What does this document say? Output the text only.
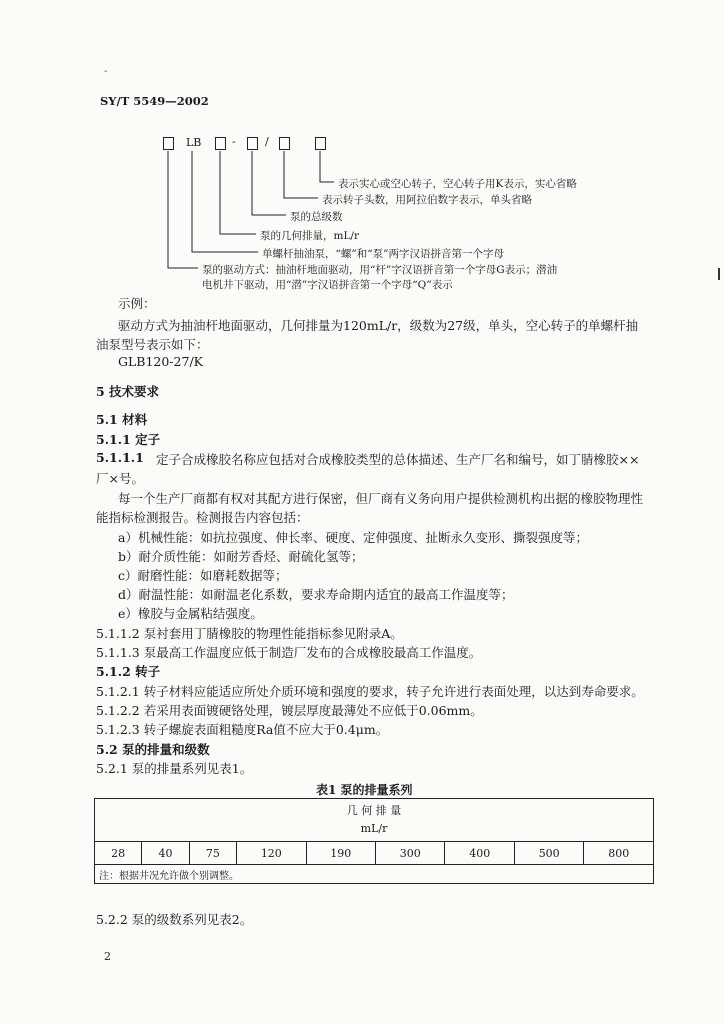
-
SY/T 5549—2002
LB	-	/
表示实心或空心转子，空心转子用K表示，实心省略
表示转子头数，用阿拉伯数字表示，单头省略
泵的总级数
泵的几何排量，mL/r
单螺杆抽油泵，“螺”和“泵”两字汉语拼音第一个字母
泵的驱动方式：抽油杆地面驱动，用“杆”字汉语拼音第一个字母G表示；潜油
电机井下驱动，用“潜”字汉语拼音第一个字母“Q”表示
示例：
驱动方式为抽油杆地面驱动，几何排量为120mL/r，级数为27级，单头，空心转子的单螺杆抽
油泵型号表示如下：
GLB120-27/K
5 技术要求
5.1 材料
5.1.1 定子
5.1.1.1 定子合成橡胶名称应包括对合成橡胶类型的总体描述、生产厂名和编号，如丁腈橡胶××
厂×号。
每一个生产厂商都有权对其配方进行保密，但厂商有义务向用户提供检测机构出据的橡胶物理性
能指标检测报告。检测报告内容包括：
a）机械性能：如抗拉强度、伸长率、硬度、定伸强度、扯断永久变形、撕裂强度等；
b）耐介质性能：如耐芳香烃、耐硫化氢等；
c）耐磨性能：如磨耗数据等；
d）耐温性能：如耐温老化系数，要求寿命期内适宜的最高工作温度等；
e）橡胶与金属粘结强度。
5.1.1.2 泵衬套用丁腈橡胶的物理性能指标参见附录A。
5.1.1.3 泵最高工作温度应低于制造厂发布的合成橡胶最高工作温度。
5.1.2 转子
5.1.2.1 转子材料应能适应所处介质环境和强度的要求，转子允许进行表面处理，以达到寿命要求。
5.1.2.2 若采用表面镀硬铬处理，镀层厚度最薄处不应低于0.06mm。
5.1.2.3 转子螺旋表面粗糙度Ra值不应大于0.4μm。
5.2 泵的排量和级数
5.2.1 泵的排量系列见表1。
表1 泵的排量系列
几 何 排 量
mL/r

28	40	75	120	190	300	400	500	800
注：根据井况允许做个别调整。
5.2.2 泵的级数系列见表2。
2
